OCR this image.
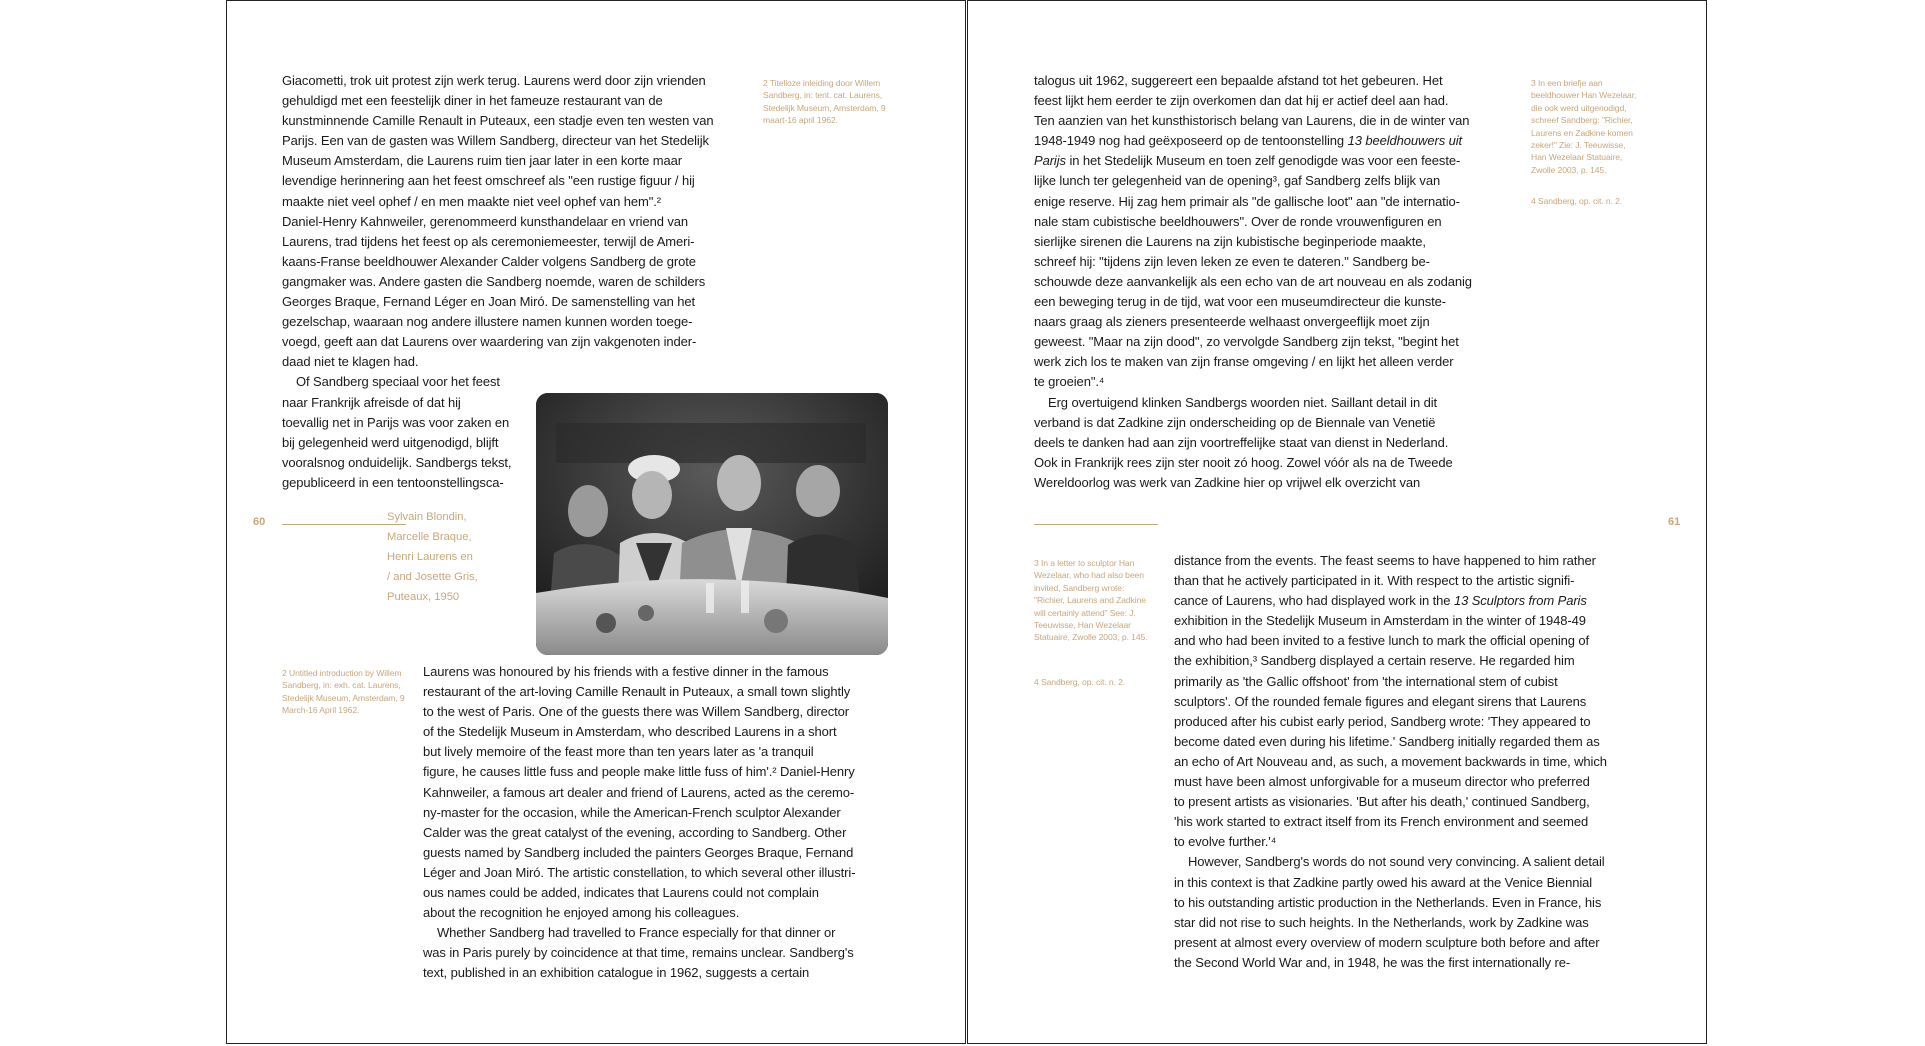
Giacometti, trok uit protest zijn werk terug. Laurens werd door zijn vrienden
gehuldigd met een feestelijk diner in het fameuze restaurant van de
kunstminnende Camille Renault in Puteaux, een stadje even ten westen van
Parijs. Een van de gasten was Willem Sandberg, directeur van het Stedelijk
Museum Amsterdam, die Laurens ruim tien jaar later in een korte maar
levendige herinnering aan het feest omschreef als "een rustige figuur / hij
maakte niet veel ophef / en men maakte niet veel ophef van hem".²
Daniel-Henry Kahnweiler, gerenommeerd kunsthandelaar en vriend van
Laurens, trad tijdens het feest op als ceremoniemeester, terwijl de Ameri-
kaans-Franse beeldhouwer Alexander Calder volgens Sandberg de grote
gangmaker was. Andere gasten die Sandberg noemde, waren de schilders
Georges Braque, Fernand Léger en Joan Miró. De samenstelling van het
gezelschap, waaraan nog andere illustere namen kunnen worden toege-
voegd, geeft aan dat Laurens over waardering van zijn vakgenoten inder-
daad niet te klagen had.
Of Sandberg speciaal voor het feest
naar Frankrijk afreisde of dat hij
toevallig net in Parijs was voor zaken en
bij gelegenheid werd uitgenodigd, blijft
vooralsnog onduidelijk. Sandbergs tekst,
gepubliceerd in een tentoonstellingsca-
2 Titelloze inleiding door Willem Sandberg, in: tent. cat. Laurens, Stedelijk Museum, Amsterdam, 9 maart-16 april 1962.
Sylvain Blondin,
Marcelle Braque,
Henri Laurens en
/ and Josette Gris,
Puteaux, 1950
60
2 Untitled introduction by Willem Sandberg, in: exh. cat. Laurens, Stedelijk Museum, Amsterdam, 9 March-16 April 1962.
Laurens was honoured by his friends with a festive dinner in the famous
restaurant of the art-loving Camille Renault in Puteaux, a small town slightly
to the west of Paris. One of the guests there was Willem Sandberg, director
of the Stedelijk Museum in Amsterdam, who described Laurens in a short
but lively memoire of the feast more than ten years later as 'a tranquil
figure, he causes little fuss and people make little fuss of him'.² Daniel-Henry
Kahnweiler, a famous art dealer and friend of Laurens, acted as the ceremo-
ny-master for the occasion, while the American-French sculptor Alexander
Calder was the great catalyst of the evening, according to Sandberg. Other
guests named by Sandberg included the painters Georges Braque, Fernand
Léger and Joan Miró. The artistic constellation, to which several other illustri-
ous names could be added, indicates that Laurens could not complain
about the recognition he enjoyed among his colleagues.
Whether Sandberg had travelled to France especially for that dinner or
was in Paris purely by coincidence at that time, remains unclear. Sandberg's
text, published in an exhibition catalogue in 1962, suggests a certain
talogus uit 1962, suggereert een bepaalde afstand tot het gebeuren. Het
feest lijkt hem eerder te zijn overkomen dan dat hij er actief deel aan had.
Ten aanzien van het kunsthistorisch belang van Laurens, die in de winter van
1948-1949 nog had geëxposeerd op de tentoonstelling 13 beeldhouwers uit
Parijs in het Stedelijk Museum en toen zelf genodigde was voor een feeste-
lijke lunch ter gelegenheid van de opening³, gaf Sandberg zelfs blijk van
enige reserve. Hij zag hem primair als "de gallische loot" aan "de internatio-
nale stam cubistische beeldhouwers". Over de ronde vrouwenfiguren en
sierlijke sirenen die Laurens na zijn kubistische beginperiode maakte,
schreef hij: "tijdens zijn leven leken ze even te dateren." Sandberg be-
schouwde deze aanvankelijk als een echo van de art nouveau en als zodanig
een beweging terug in de tijd, wat voor een museumdirecteur die kunste-
naars graag als zieners presenteerde welhaast onvergeeflijk moet zijn
geweest. "Maar na zijn dood", zo vervolgde Sandberg zijn tekst, "begint het
werk zich los te maken van zijn franse omgeving / en lijkt het alleen verder
te groeien".⁴
Erg overtuigend klinken Sandbergs woorden niet. Saillant detail in dit
verband is dat Zadkine zijn onderscheiding op de Biennale van Venetië
deels te danken had aan zijn voortreffelijke staat van dienst in Nederland.
Ook in Frankrijk rees zijn ster nooit zó hoog. Zowel vóór als na de Tweede
Wereldoorlog was werk van Zadkine hier op vrijwel elk overzicht van
3 In een briefje aan beeldhouwer Han Wezelaar, die ook werd uitgenodigd, schreef Sandberg: "Richier, Laurens en Zadkine komen zeker!" Zie: J. Teeuwisse, Han Wezelaar Statuaire, Zwolle 2003, p. 145.
4 Sandberg, op. cit. n. 2.
61
3 In a letter to sculptor Han Wezelaar, who had also been invited, Sandberg wrote: "Richier, Laurens and Zadkine will certainly attend" See: J. Teeuwisse, Han Wezelaar Statuaire, Zwolle 2003, p. 145.
4 Sandberg, op. cit. n. 2.
distance from the events. The feast seems to have happened to him rather
than that he actively participated in it. With respect to the artistic signifi-
cance of Laurens, who had displayed work in the 13 Sculptors from Paris
exhibition in the Stedelijk Museum in Amsterdam in the winter of 1948-49
and who had been invited to a festive lunch to mark the official opening of
the exhibition,³ Sandberg displayed a certain reserve. He regarded him
primarily as 'the Gallic offshoot' from 'the international stem of cubist
sculptors'. Of the rounded female figures and elegant sirens that Laurens
produced after his cubist early period, Sandberg wrote: 'They appeared to
become dated even during his lifetime.' Sandberg initially regarded them as
an echo of Art Nouveau and, as such, a movement backwards in time, which
must have been almost unforgivable for a museum director who preferred
to present artists as visionaries. 'But after his death,' continued Sandberg,
'his work started to extract itself from its French environment and seemed
to evolve further.'⁴
However, Sandberg's words do not sound very convincing. A salient detail
in this context is that Zadkine partly owed his award at the Venice Biennial
to his outstanding artistic production in the Netherlands. Even in France, his
star did not rise to such heights. In the Netherlands, work by Zadkine was
present at almost every overview of modern sculpture both before and after
the Second World War and, in 1948, he was the first internationally re-
